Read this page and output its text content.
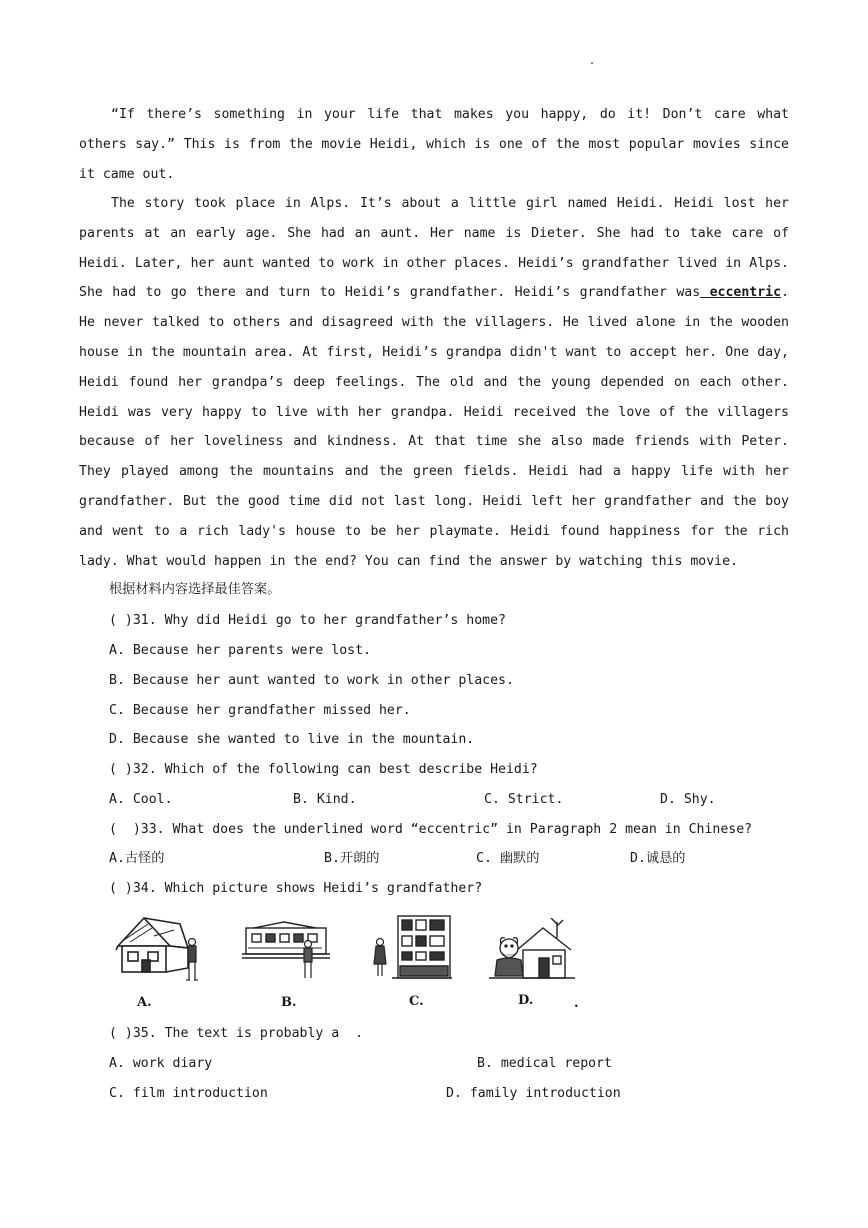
.
“If there’s something in your life that makes you happy, do it! Don’t care what others say.” This is from the movie Heidi, which is one of the most popular movies since it came out.
The story took place in Alps. It’s about a little girl named Heidi. Heidi lost her parents at an early age. She had an aunt. Her name is Dieter. She had to take care of Heidi. Later, her aunt wanted to work in other places. Heidi’s grandfather lived in Alps. She had to go there and turn to Heidi’s grandfather. Heidi’s grandfather was eccentric. He never talked to others and disagreed with the villagers. He lived alone in the wooden house in the mountain area. At first, Heidi’s grandpa didn't want to accept her. One day, Heidi found her grandpa’s deep feelings. The old and the young depended on each other. Heidi was very happy to live with her grandpa. Heidi received the love of the villagers because of her loveliness and kindness. At that time she also made friends with Peter. They played among the mountains and the green fields. Heidi had a happy life with her grandfather. But the good time did not last long. Heidi left her grandfather and the boy and went to a rich lady's house to be her playmate. Heidi found happiness for the rich lady. What would happen in the end? You can find the answer by watching this movie.
根据材料内容选择最佳答案。
( )31. Why did Heidi go to her grandfather’s home?
A. Because her parents were lost.
B. Because her aunt wanted to work in other places.
C. Because her grandfather missed her.
D. Because she wanted to live in the mountain.
( )32. Which of the following can best describe Heidi?
A. Cool.	B. Kind.	C. Strict.	D. Shy.
(  )33. What does the underlined word “eccentric” in Paragraph 2 mean in Chinese?
A.古怪的	B.开朗的	C. 幽默的	D.诚恳的
( )34. Which picture shows Heidi’s grandfather?
A.	B.	C.	D.	.
( )35. The text is probably a  .
A. work diary	B. medical report
C. film introduction	D. family introduction
